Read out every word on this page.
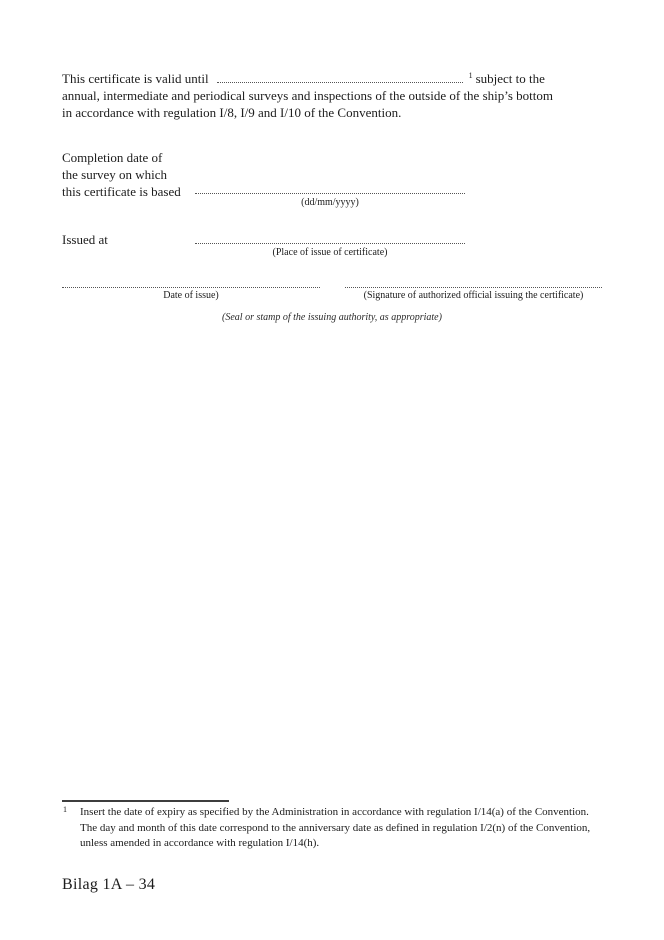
This certificate is valid until	$^1$ subject to the
annual, intermediate and periodical surveys and inspections of the outside of the ship’s bottom
in accordance with regulation I/8, I/9 and I/10 of the Convention.
Completion date of
the survey on which
this certificate is based
(dd/mm/yyyy)
Issued at
(Place of issue of certificate)
Date of issue)	(Signature of authorized official issuing the certificate)
(Seal or stamp of the issuing authority, as appropriate)
1 Insert the date of expiry as specified by the Administration in accordance with regulation I/14(a) of the Convention.
The day and month of this date correspond to the anniversary date as defined in regulation I/2(n) of the Convention,
unless amended in accordance with regulation I/14(h).
Bilag 1A – 34
